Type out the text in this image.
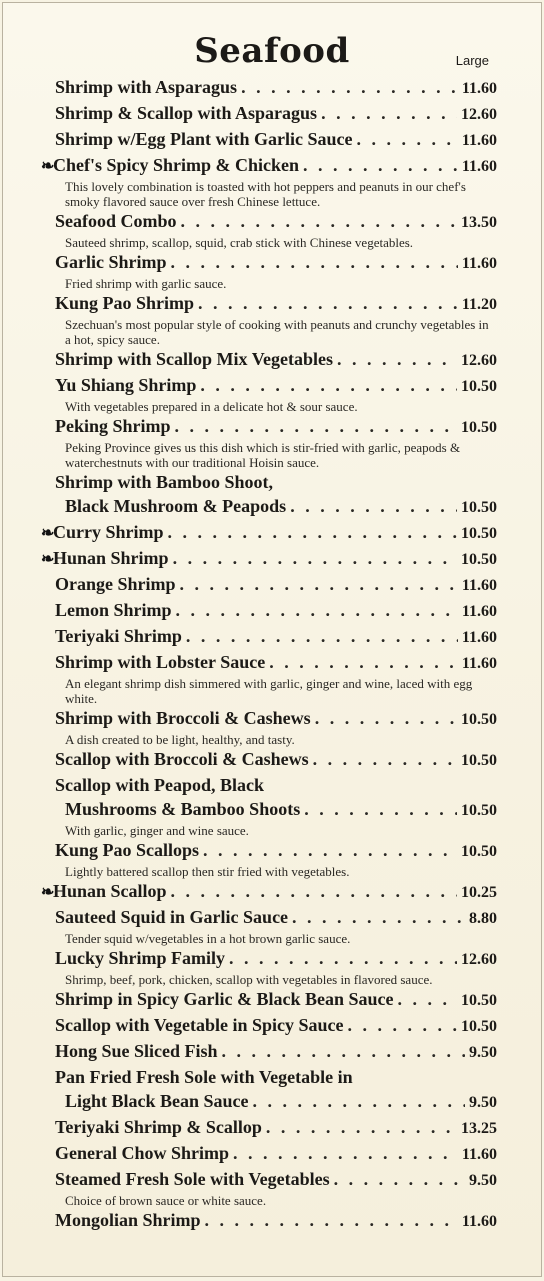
Seafood	Large
Shrimp with Asparagus . . .	11.60
Shrimp & Scallop with Asparagus . . .	12.60
Shrimp w/Egg Plant with Garlic Sauce . . .	11.60
❧
Chef's Spicy Shrimp & Chicken . . .	11.60
This lovely combination is toasted with hot peppers and peanuts in our chef's smoky flavored sauce over fresh Chinese lettuce.
Seafood Combo . . .	13.50
Sauteed shrimp, scallop, squid, crab stick with Chinese vegetables.
Garlic Shrimp . . .	11.60
Fried shrimp with garlic sauce.
Kung Pao Shrimp . . .	11.20
Szechuan's most popular style of cooking with peanuts and crunchy vegetables in a hot, spicy sauce.
Shrimp with Scallop Mix Vegetables . . .	12.60
Yu Shiang Shrimp . . .	10.50
With vegetables prepared in a delicate hot & sour sauce.
Peking Shrimp . . .	10.50
Peking Province gives us this dish which is stir-fried with garlic, peapods & waterchestnuts with our traditional Hoisin sauce.
Shrimp with Bamboo Shoot,
Black Mushroom & Peapods . . .	10.50
❧
Curry Shrimp . . .	10.50
❧
Hunan Shrimp . . .	10.50
Orange Shrimp . . .	11.60
Lemon Shrimp . . .	11.60
Teriyaki Shrimp . . .	11.60
Shrimp with Lobster Sauce . . .	11.60
An elegant shrimp dish simmered with garlic, ginger and wine, laced with egg white.
Shrimp with Broccoli & Cashews . . .	10.50
A dish created to be light, healthy, and tasty.
Scallop with Broccoli & Cashews . . .	10.50
Scallop with Peapod, Black
Mushrooms & Bamboo Shoots . . .	10.50
With garlic, ginger and wine sauce.
Kung Pao Scallops . . .	10.50
Lightly battered scallop then stir fried with vegetables.
❧
Hunan Scallop . . .	10.25
Sauteed Squid in Garlic Sauce . . .	8.80
Tender squid w/vegetables in a hot brown garlic sauce.
Lucky Shrimp Family . . .	12.60
Shrimp, beef, pork, chicken, scallop with vegetables in flavored sauce.
Shrimp in Spicy Garlic & Black Bean Sauce . . .	10.50
Scallop with Vegetable in Spicy Sauce . . .	10.50
Hong Sue Sliced Fish . . .	9.50
Pan Fried Fresh Sole with Vegetable in
Light Black Bean Sauce . . .	9.50
Teriyaki Shrimp & Scallop . . .	13.25
General Chow Shrimp . . .	11.60
Steamed Fresh Sole with Vegetables . . .	9.50
Choice of brown sauce or white sauce.
Mongolian Shrimp . . .	11.60
